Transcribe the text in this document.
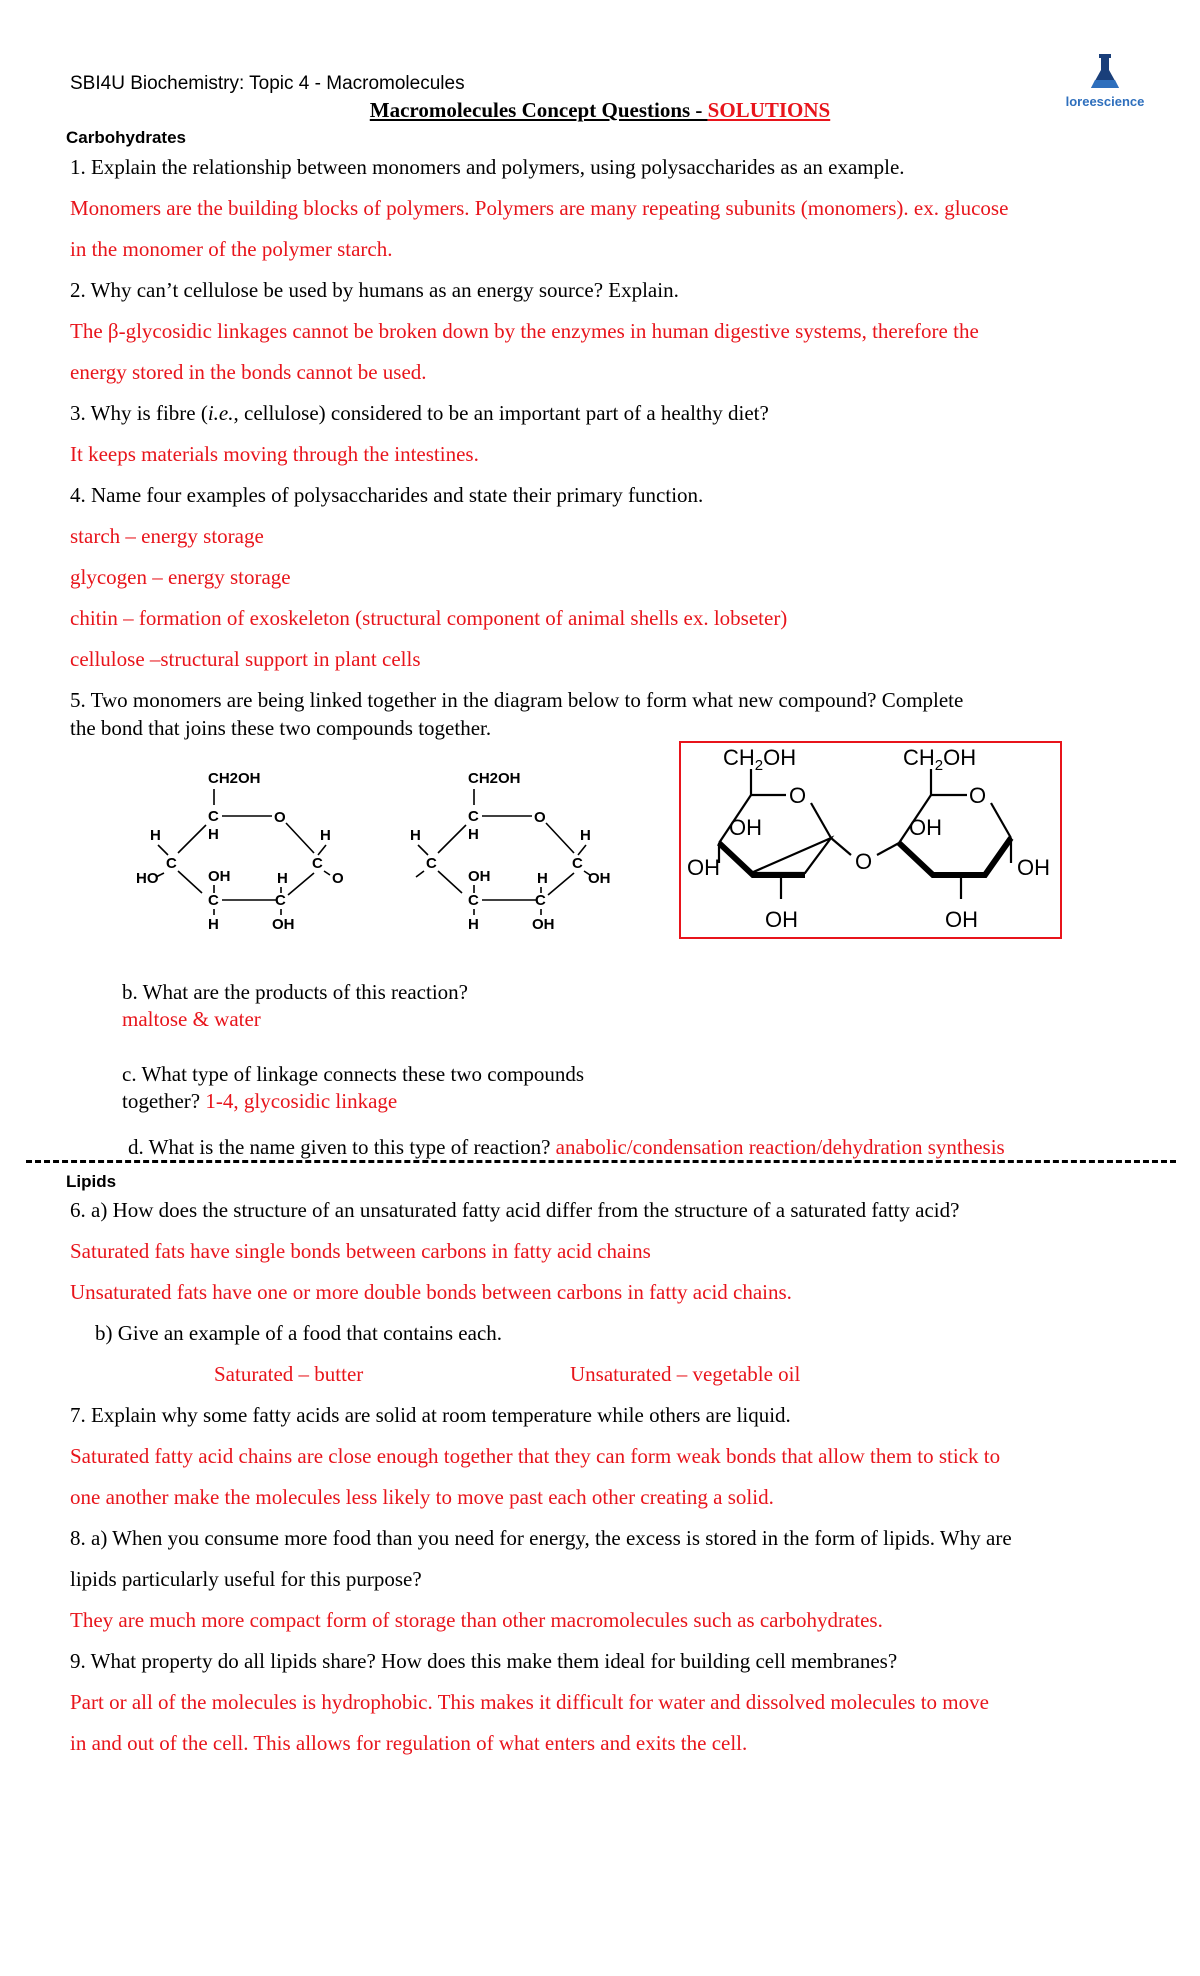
SBI4U Biochemistry: Topic 4 - Macromolecules
loreescience
Macromolecules Concept Questions - SOLUTIONS
Carbohydrates
1. Explain the relationship between monomers and polymers, using polysaccharides as an example.
Monomers are the building blocks of polymers. Polymers are many repeating subunits (monomers). ex. glucose
in the monomer of the polymer starch.
2. Why can’t cellulose be used by humans as an energy source? Explain.
The β-glycosidic linkages cannot be broken down by the enzymes in human digestive systems, therefore the
energy stored in the bonds cannot be used.
3. Why is fibre (i.e., cellulose) considered to be an important part of a healthy diet?
It keeps materials moving through the intestines.
4. Name four examples of polysaccharides and state their primary function.
starch – energy storage
glycogen – energy storage
chitin – formation of exoskeleton (structural component of animal shells ex. lobseter)
cellulose –structural support in plant cells
5. Two monomers are being linked together in the diagram below to form what new compound? Complete
the bond that joins these two compounds together.
CH2OH
C	O
H
H
C
HO
H
C
O
OH
C	C
H
H	OH
CH2OH
C	O
H
H
C
H
C
OH
OH
C	C
H
H	OH
$CH_2OH$
O
OH
OH
OH
O
$CH_2OH$
O
OH
OH
OH
b. What are the products of this reaction?
maltose & water
c. What type of linkage connects these two compounds
together? 1-4, glycosidic linkage
d. What is the name given to this type of reaction? anabolic/condensation reaction/dehydration synthesis
Lipids
6. a) How does the structure of an unsaturated fatty acid differ from the structure of a saturated fatty acid?
Saturated fats have single bonds between carbons in fatty acid chains
Unsaturated fats have one or more double bonds between carbons in fatty acid chains.
b) Give an example of a food that contains each.
Saturated – butter	Unsaturated – vegetable oil
7. Explain why some fatty acids are solid at room temperature while others are liquid.
Saturated fatty acid chains are close enough together that they can form weak bonds that allow them to stick to
one another make the molecules less likely to move past each other creating a solid.
8. a) When you consume more food than you need for energy, the excess is stored in the form of lipids. Why are
lipids particularly useful for this purpose?
They are much more compact form of storage than other macromolecules such as carbohydrates.
9. What property do all lipids share? How does this make them ideal for building cell membranes?
Part or all of the molecules is hydrophobic. This makes it difficult for water and dissolved molecules to move
in and out of the cell. This allows for regulation of what enters and exits the cell.
